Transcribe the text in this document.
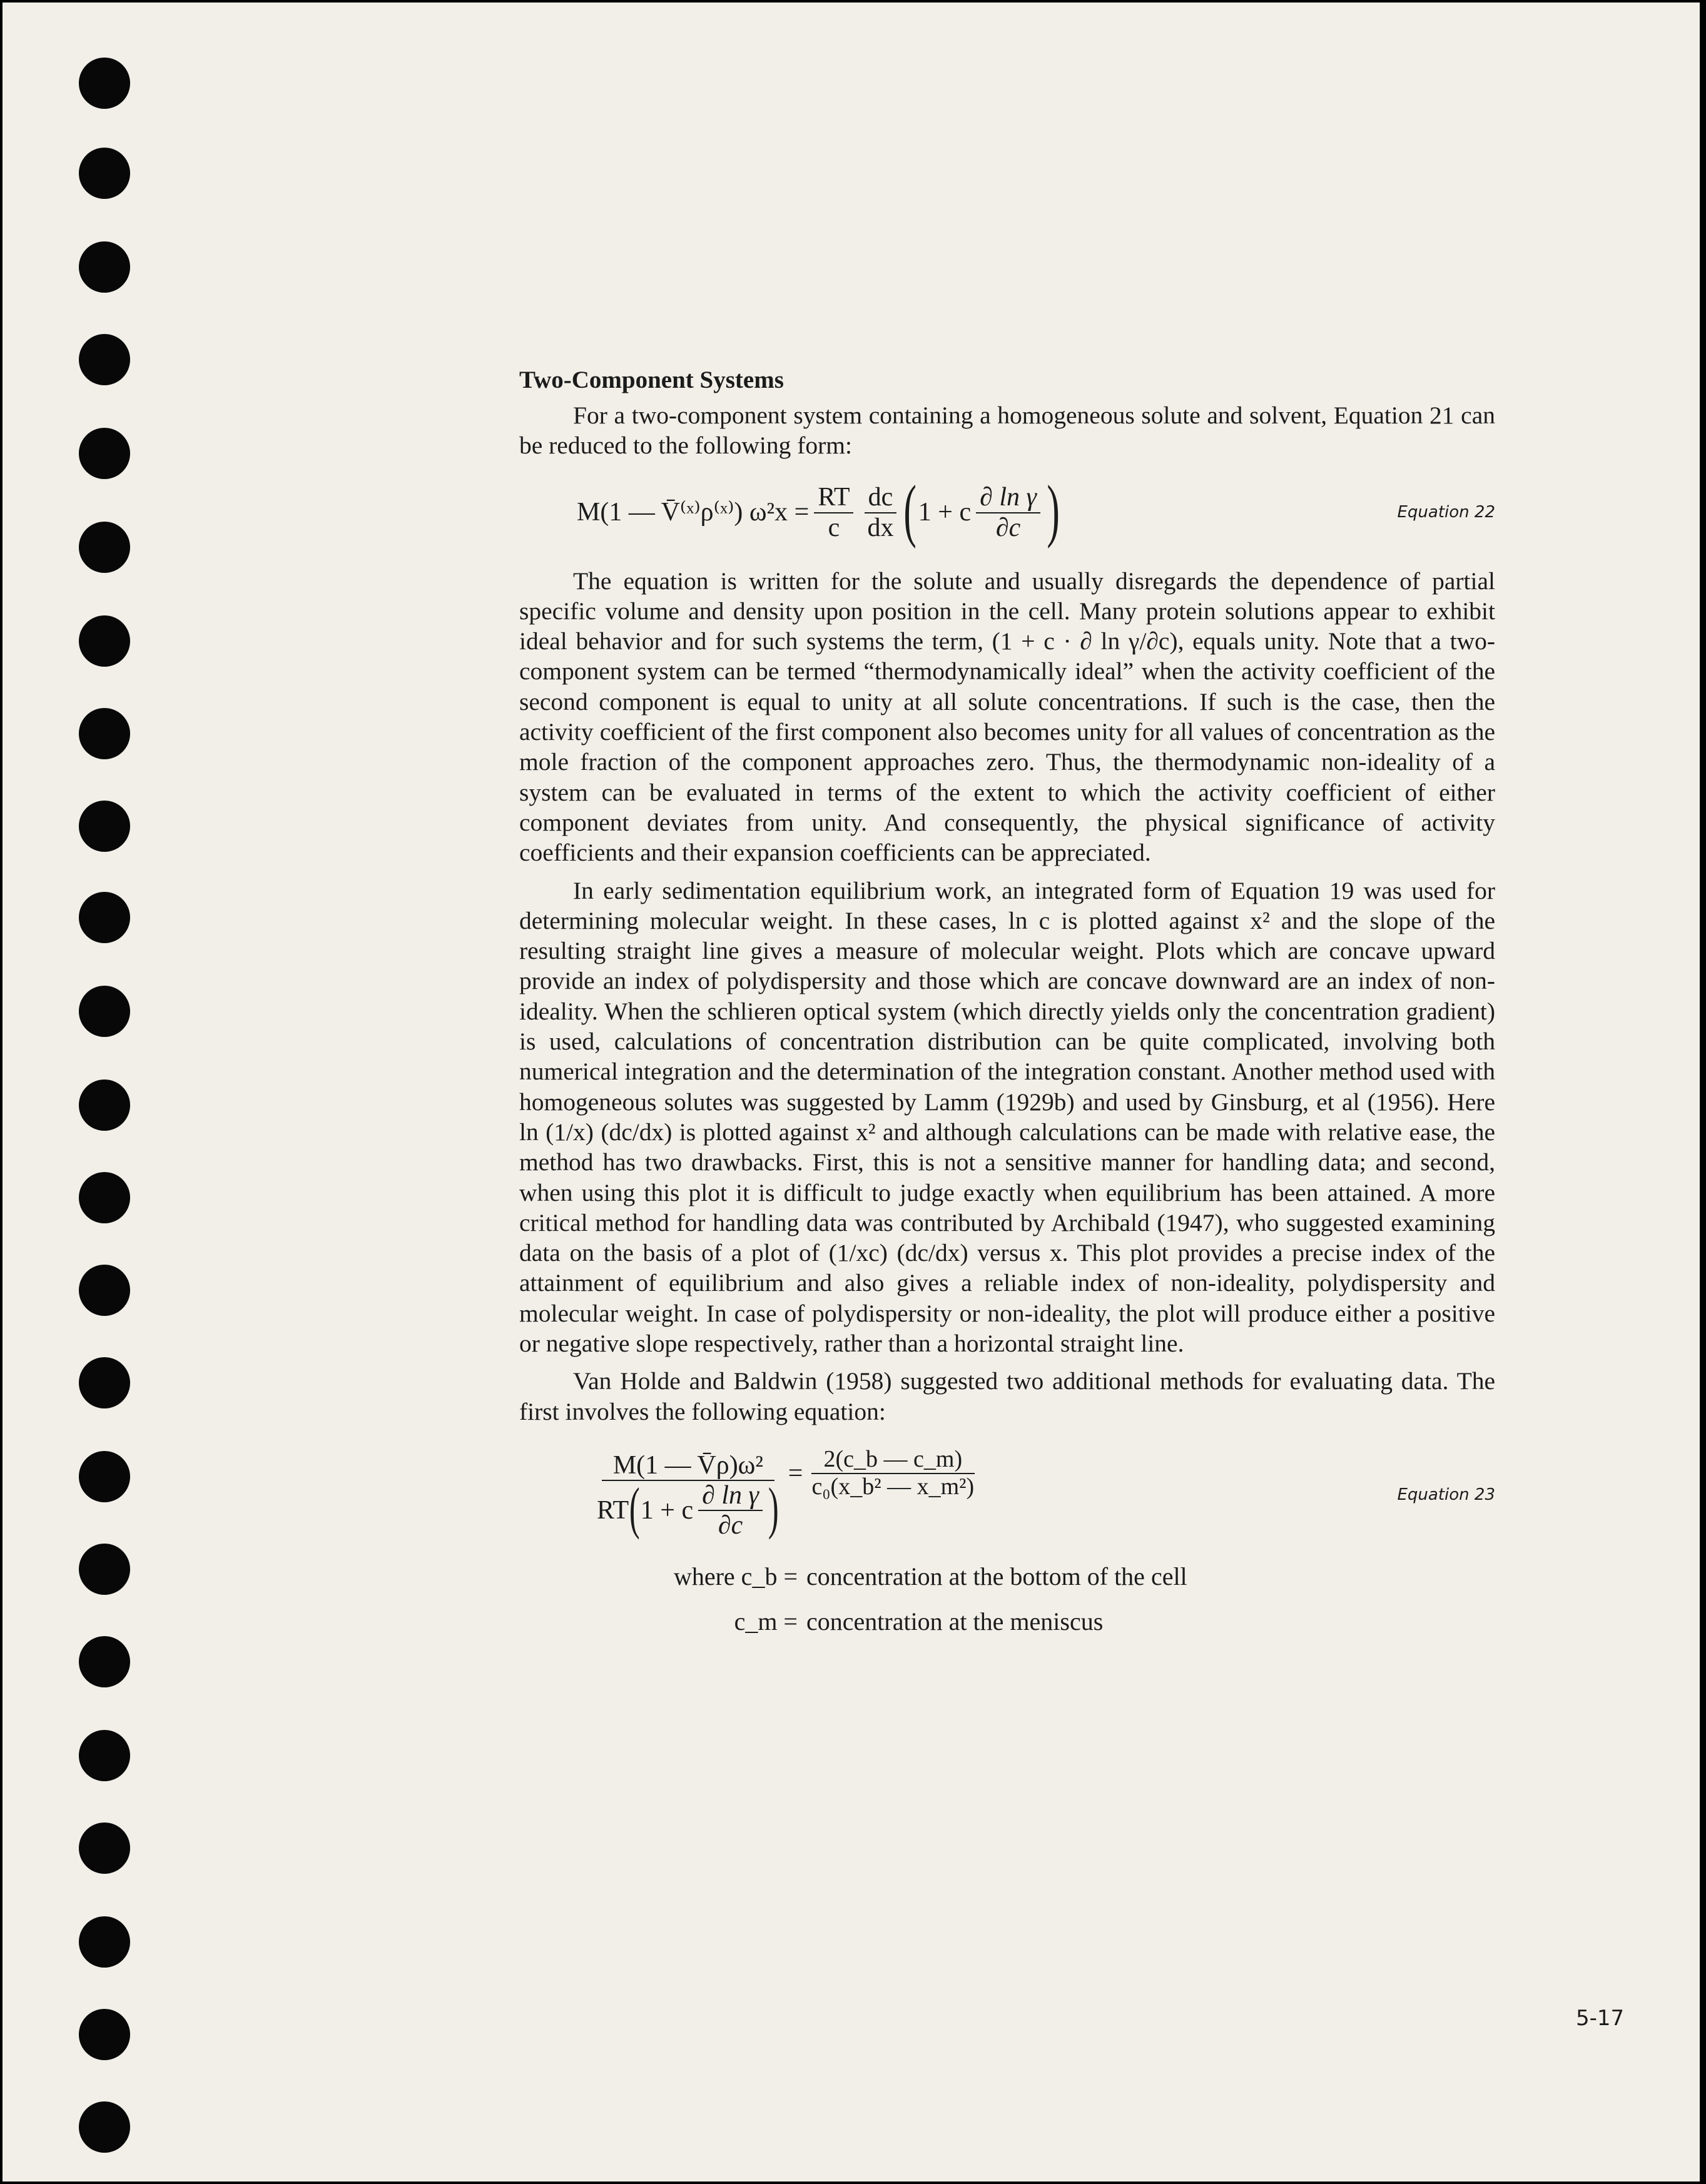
Two-Component Systems

For a two-component system containing a homogeneous solute and solvent, Equation 21 can be reduced to the following form:

M(1 — V̄⁽ˣ⁾ρ⁽ˣ⁾) $\omega^2x = \frac{RT}{c} \frac{dc}{dx}$ ( 1 + c $\frac{\text{∂ ln γ}}{\partial c}$ )	Equation 22

The equation is written for the solute and usually disregards the dependence of partial specific volume and density upon position in the cell. Many protein solutions appear to exhibit ideal behavior and for such systems the term, (1 + c · ∂ ln γ/∂c), equals unity. Note that a two-component system can be termed “thermodynamically ideal” when the activity coefficient of the second component is equal to unity at all solute concentrations. If such is the case, then the activity coefficient of the first component also becomes unity for all values of concentration as the mole fraction of the component approaches zero. Thus, the thermodynamic non-ideality of a system can be evaluated in terms of the extent to which the activity coefficient of either component deviates from unity. And consequently, the physical significance of activity coefficients and their expansion coefficients can be appreciated.

In early sedimentation equilibrium work, an integrated form of Equation 19 was used for determining molecular weight. In these cases, ln c is plotted against x² and the slope of the resulting straight line gives a measure of molecular weight. Plots which are concave upward provide an index of polydispersity and those which are concave downward are an index of non-ideality. When the schlieren optical system (which directly yields only the concentration gradient) is used, calculations of concentration distribution can be quite complicated, involving both numerical integration and the determination of the integration constant. Another method used with homogeneous solutes was suggested by Lamm (1929b) and used by Ginsburg, et al (1956). Here ln (1/x) (dc/dx) is plotted against x² and although calculations can be made with relative ease, the method has two drawbacks. First, this is not a sensitive manner for handling data; and second, when using this plot it is difficult to judge exactly when equilibrium has been attained. A more critical method for handling data was contributed by Archibald (1947), who suggested examining data on the basis of a plot of (1/xc) (dc/dx) versus x. This plot provides a precise index of the attainment of equilibrium and also gives a reliable index of non-ideality, polydispersity and molecular weight. In case of polydispersity or non-ideality, the plot will produce either a positive or negative slope respectively, rather than a horizontal straight line.

Van Holde and Baldwin (1958) suggested two additional methods for evaluating data. The first involves the following equation:

M(1 — V̄ρ)ω²
RT ( 1 + c $\frac{\text{∂ ln γ}}{\partial c}$ )
= $\frac{2(c\_b — c\_m)}{\text{c₀(x\_b² — x\_m²)}}$	Equation 23
where c_b = concentration at the bottom of the cell
c_m = concentration at the meniscus
5-17
